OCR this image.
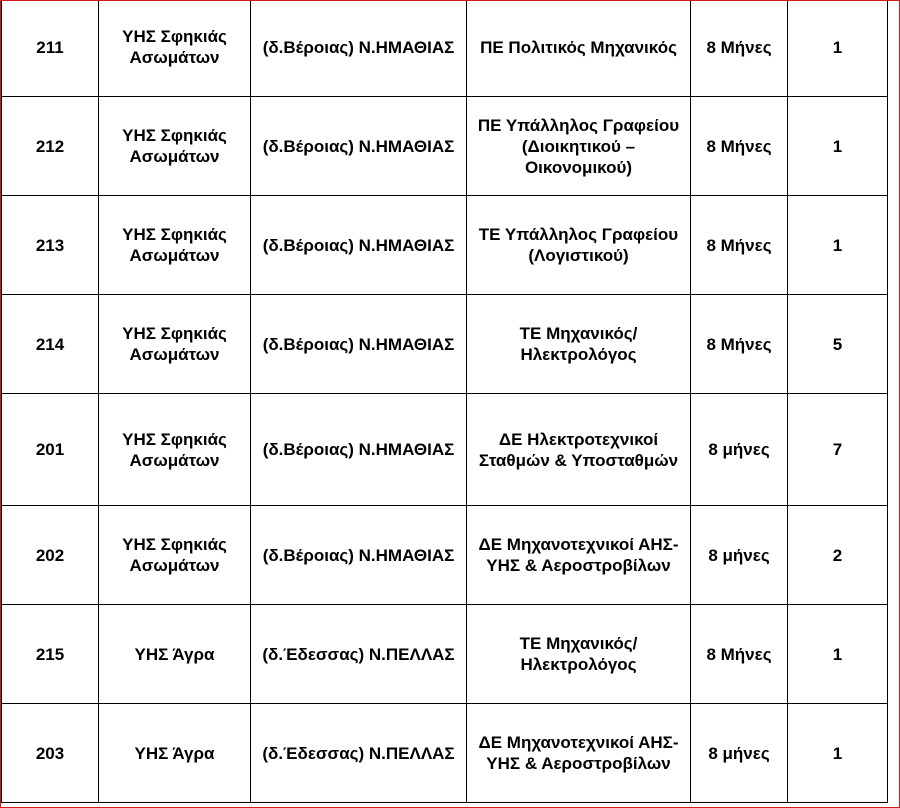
211	ΥΗΣ Σφηκιάς Ασωμάτων	(δ.Βέροιας) Ν.ΗΜΑΘΙΑΣ	ΠΕ Πολιτικός Μηχανικός	8 Μήνες	1

212	ΥΗΣ Σφηκιάς Ασωμάτων	(δ.Βέροιας) Ν.ΗΜΑΘΙΑΣ	ΠΕ Υπάλληλος Γραφείου (Διοικητικού – Οικονομικού)	8 Μήνες	1

213	ΥΗΣ Σφηκιάς Ασωμάτων	(δ.Βέροιας) Ν.ΗΜΑΘΙΑΣ	ΤΕ Υπάλληλος Γραφείου (Λογιστικού)	8 Μήνες	1

214	ΥΗΣ Σφηκιάς Ασωμάτων	(δ.Βέροιας) Ν.ΗΜΑΘΙΑΣ	ΤΕ Μηχανικός/ Ηλεκτρολόγος	8 Μήνες	5

201	ΥΗΣ Σφηκιάς Ασωμάτων	(δ.Βέροιας) Ν.ΗΜΑΘΙΑΣ	ΔΕ Ηλεκτροτεχνικοί Σταθμών & Υποσταθμών	8 μήνες	7

202	ΥΗΣ Σφηκιάς Ασωμάτων	(δ.Βέροιας) Ν.ΗΜΑΘΙΑΣ	ΔΕ Μηχανοτεχνικοί ΑΗΣ-ΥΗΣ & Αεροστροβίλων	8 μήνες	2

215	ΥΗΣ Άγρα	(δ.Έδεσσας) Ν.ΠΕΛΛΑΣ	ΤΕ Μηχανικός/ Ηλεκτρολόγος	8 Μήνες	1

203	ΥΗΣ Άγρα	(δ.Έδεσσας) Ν.ΠΕΛΛΑΣ	ΔΕ Μηχανοτεχνικοί ΑΗΣ-ΥΗΣ & Αεροστροβίλων	8 μήνες	1
